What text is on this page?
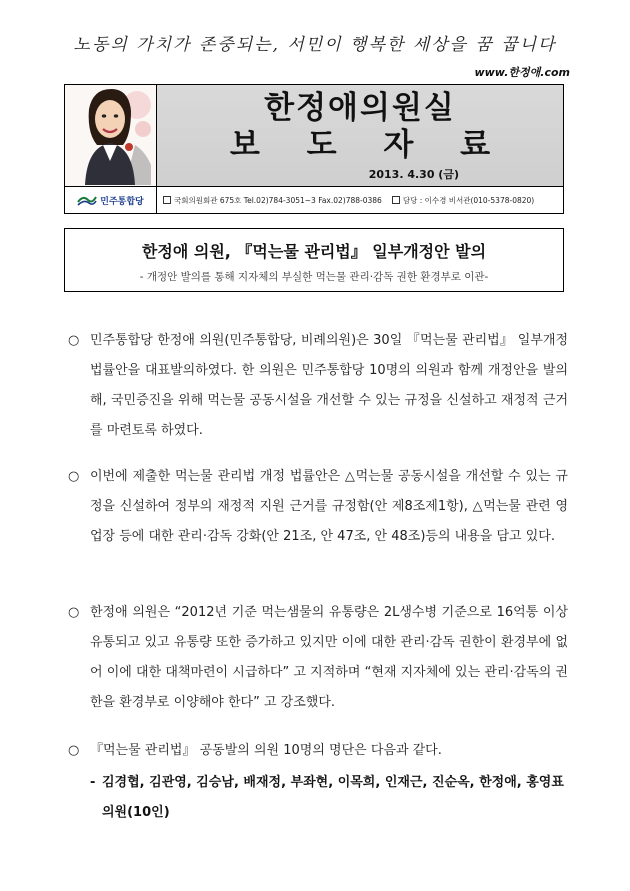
노동의 가치가 존중되는, 서민이 행복한 세상을 꿈 꿉니다
www.한정애.com
민주통합당
한정애의원실
보 도 자 료
2013. 4.30 (금)
국회의원회관 675호 Tel.02)784-3051~3 Fax.02)788-0386	담당 : 이수경 비서관(010-5378-0820)
한정애 의원, 『먹는물 관리법』 일부개정안 발의
- 개정안 발의를 통해 지자체의 부실한 먹는물 관리·감독 권한 환경부로 이관-
○ 민주통합당 한정애 의원(민주통합당, 비례의원)은 30일 『먹는물 관리법』 일부개정법률안을 대표발의하였다. 한 의원은 민주통합당 10명의 의원과 함께 개정안을 발의해, 국민증진을 위해 먹는물 공동시설을 개선할 수 있는 규정을 신설하고 재정적 근거를 마련토록 하였다.
○ 이번에 제출한 먹는물 관리법 개정 법률안은 △먹는물 공동시설을 개선할 수 있는 규정을 신설하여 정부의 재정적 지원 근거를 규정함(안 제8조제1항), △먹는물 관련 영업장 등에 대한 관리·감독 강화(안 21조, 안 47조, 안 48조)등의 내용을 담고 있다.
○ 한정애 의원은 “2012년 기준 먹는샘물의 유통량은 2L생수병 기준으로 16억통 이상 유통되고 있고 유통량 또한 증가하고 있지만 이에 대한 관리·감독 권한이 환경부에 없어 이에 대한 대책마련이 시급하다” 고 지적하며 “현재 지자체에 있는 관리·감독의 권한을 환경부로 이양해야 한다” 고 강조했다.
○ 『먹는물 관리법』 공동발의 의원 10명의 명단은 다음과 같다.
- 김경협, 김관영, 김승남, 배재정, 부좌현, 이목희, 인재근, 진순옥, 한정애, 홍영표 의원(10인)
